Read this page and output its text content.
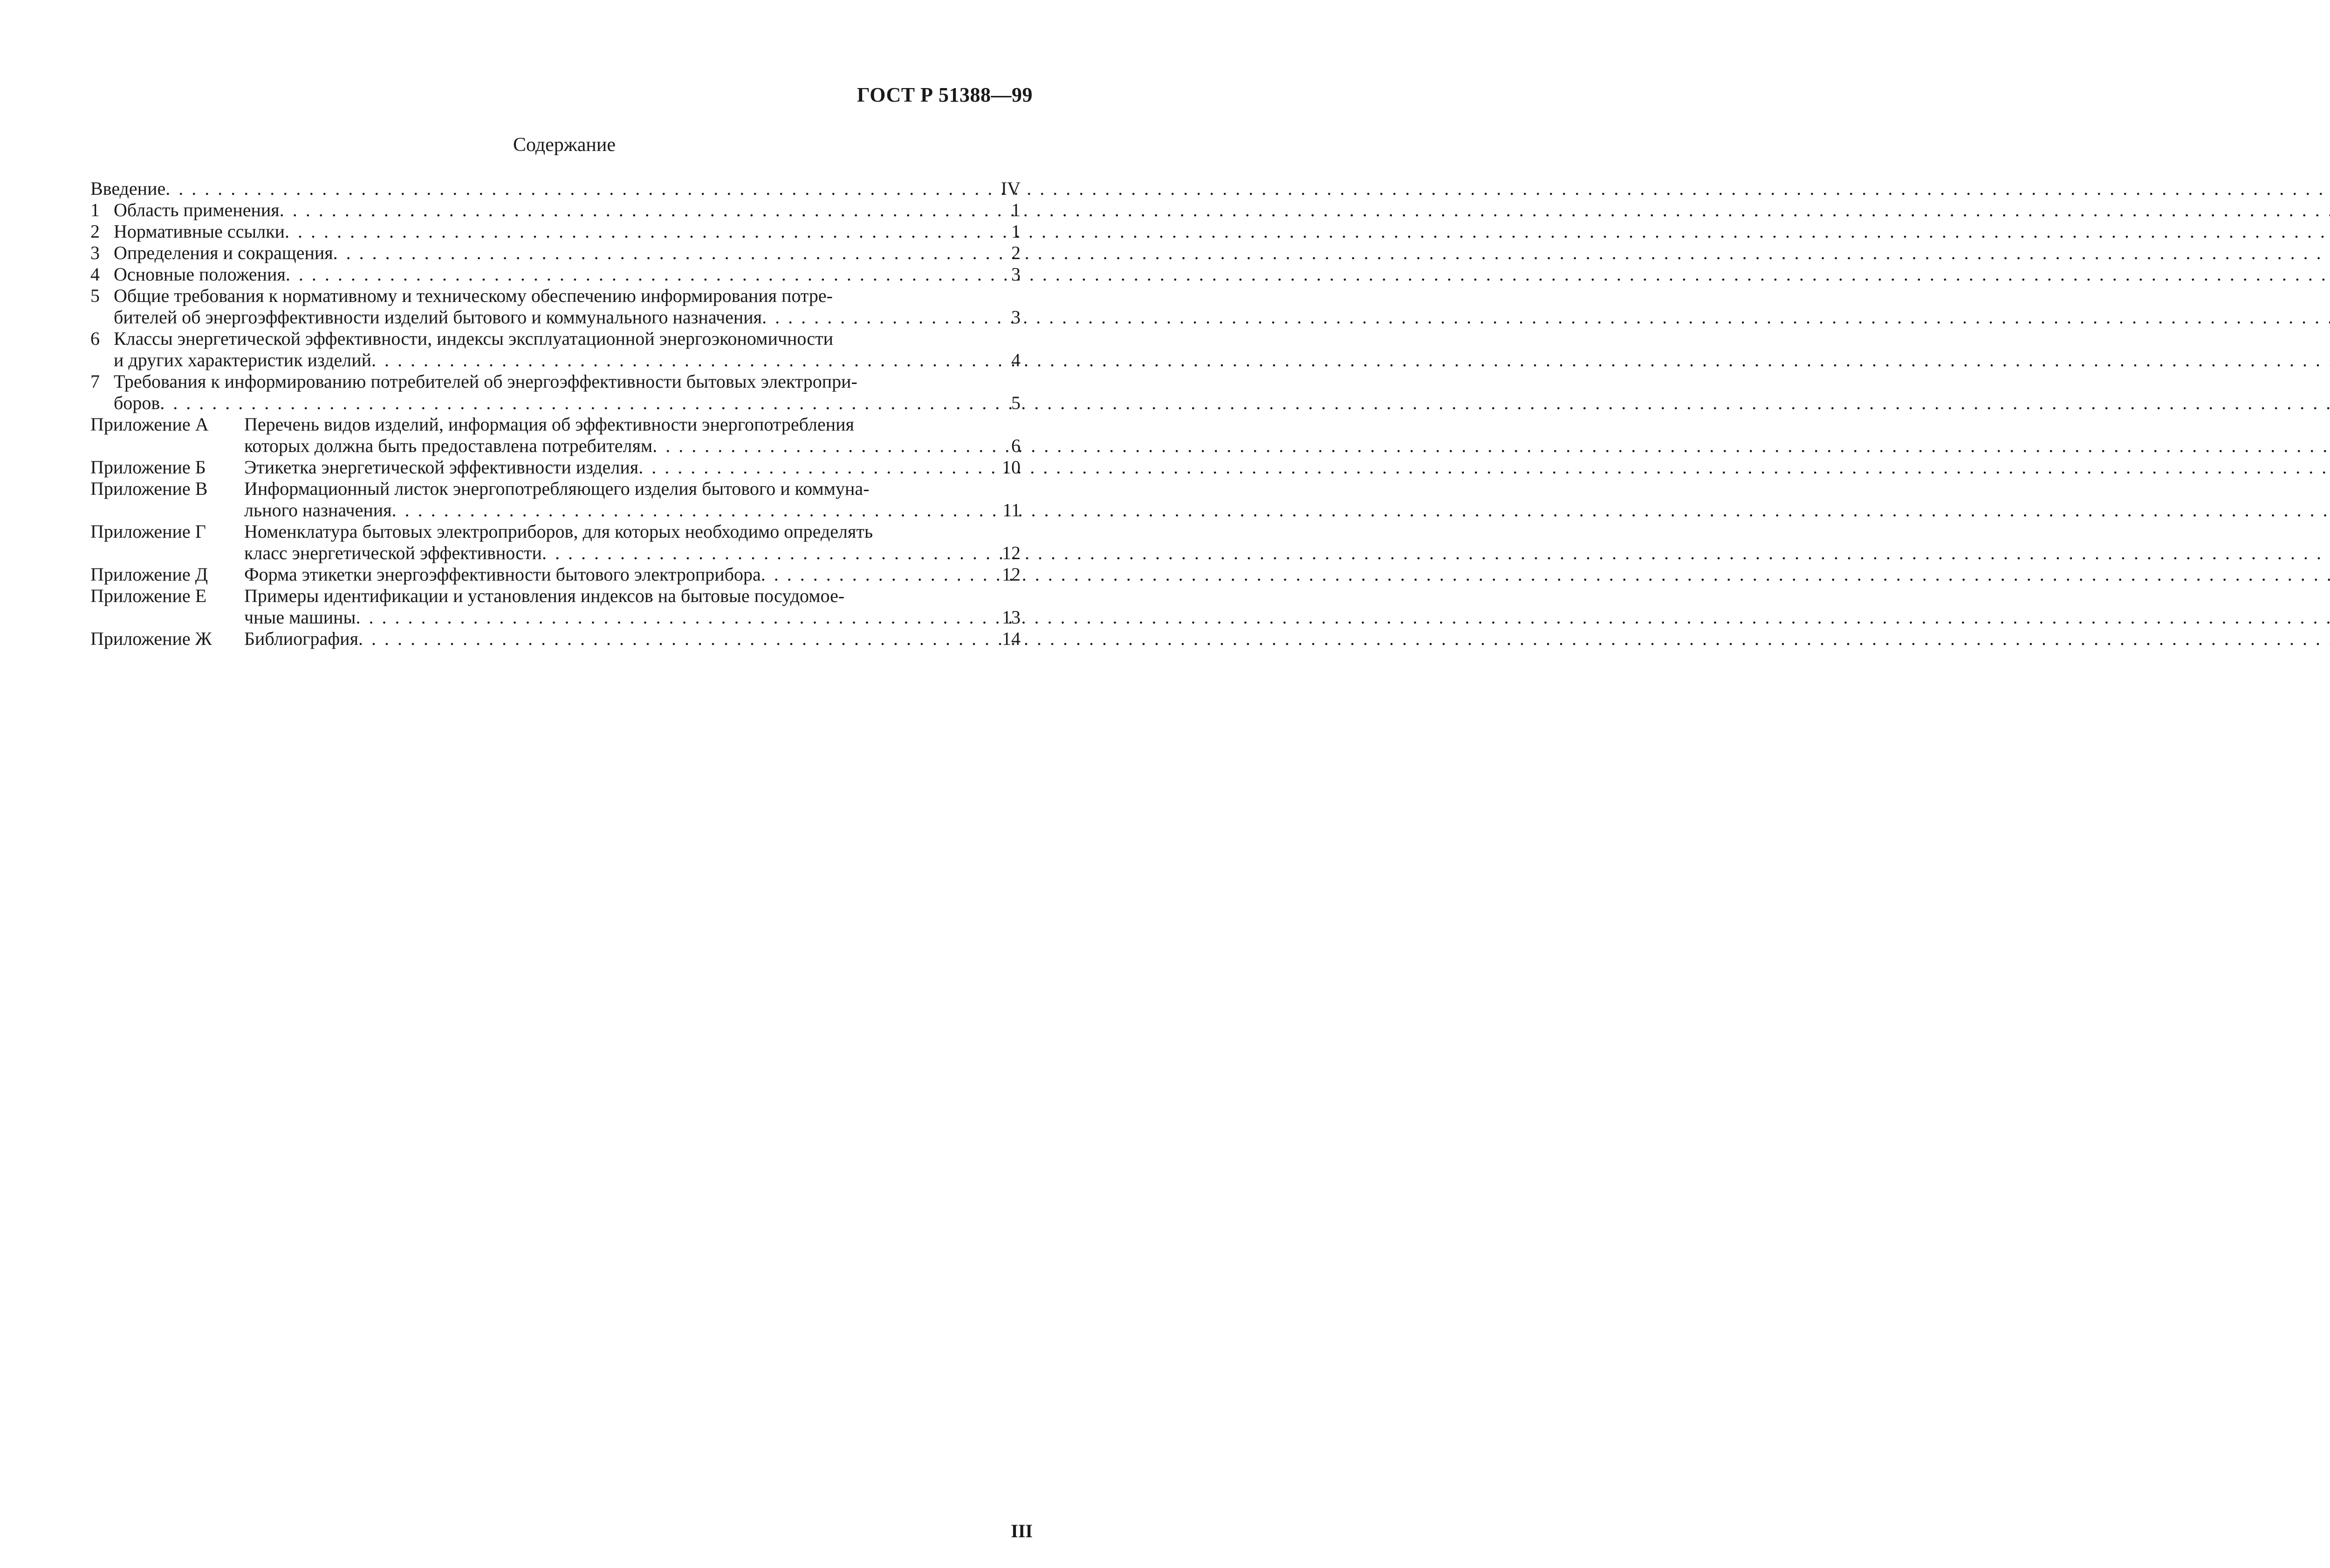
ГОСТ Р 51388—99
Содержание
Введение . . .	IV
1 Область применения . . .	1
2 Нормативные ссылки . . .	1
3 Определения и сокращения . . .	2
4 Основные положения . . .	3
5 Общие требования к нормативному и техническому обеспечению информирования потре-
бителей об энергоэффективности изделий бытового и коммунального назначения . . .	3
6 Классы энергетической эффективности, индексы эксплуатационной энергоэкономичности
и других характеристик изделий . . .	4
7 Требования к информированию потребителей об энергоэффективности бытовых электропри-
боров . . .	5
Приложение А	Перечень видов изделий, информация об эффективности энергопотребления
которых должна быть предоставлена потребителям . . .	6
Приложение Б	Этикетка энергетической эффективности изделия . . .	10
Приложение В	Информационный листок энергопотребляющего изделия бытового и коммуна-
льного назначения . . .	11
Приложение Г	Номенклатура бытовых электроприборов, для которых необходимо определять
класс энергетической эффективности . . .	12
Приложение Д	Форма этикетки энергоэффективности бытового электроприбора . . .	12
Приложение Е	Примеры идентификации и установления индексов на бытовые посудомое-
чные машины . . .	13
Приложение Ж	Библиография . . .	14
III
